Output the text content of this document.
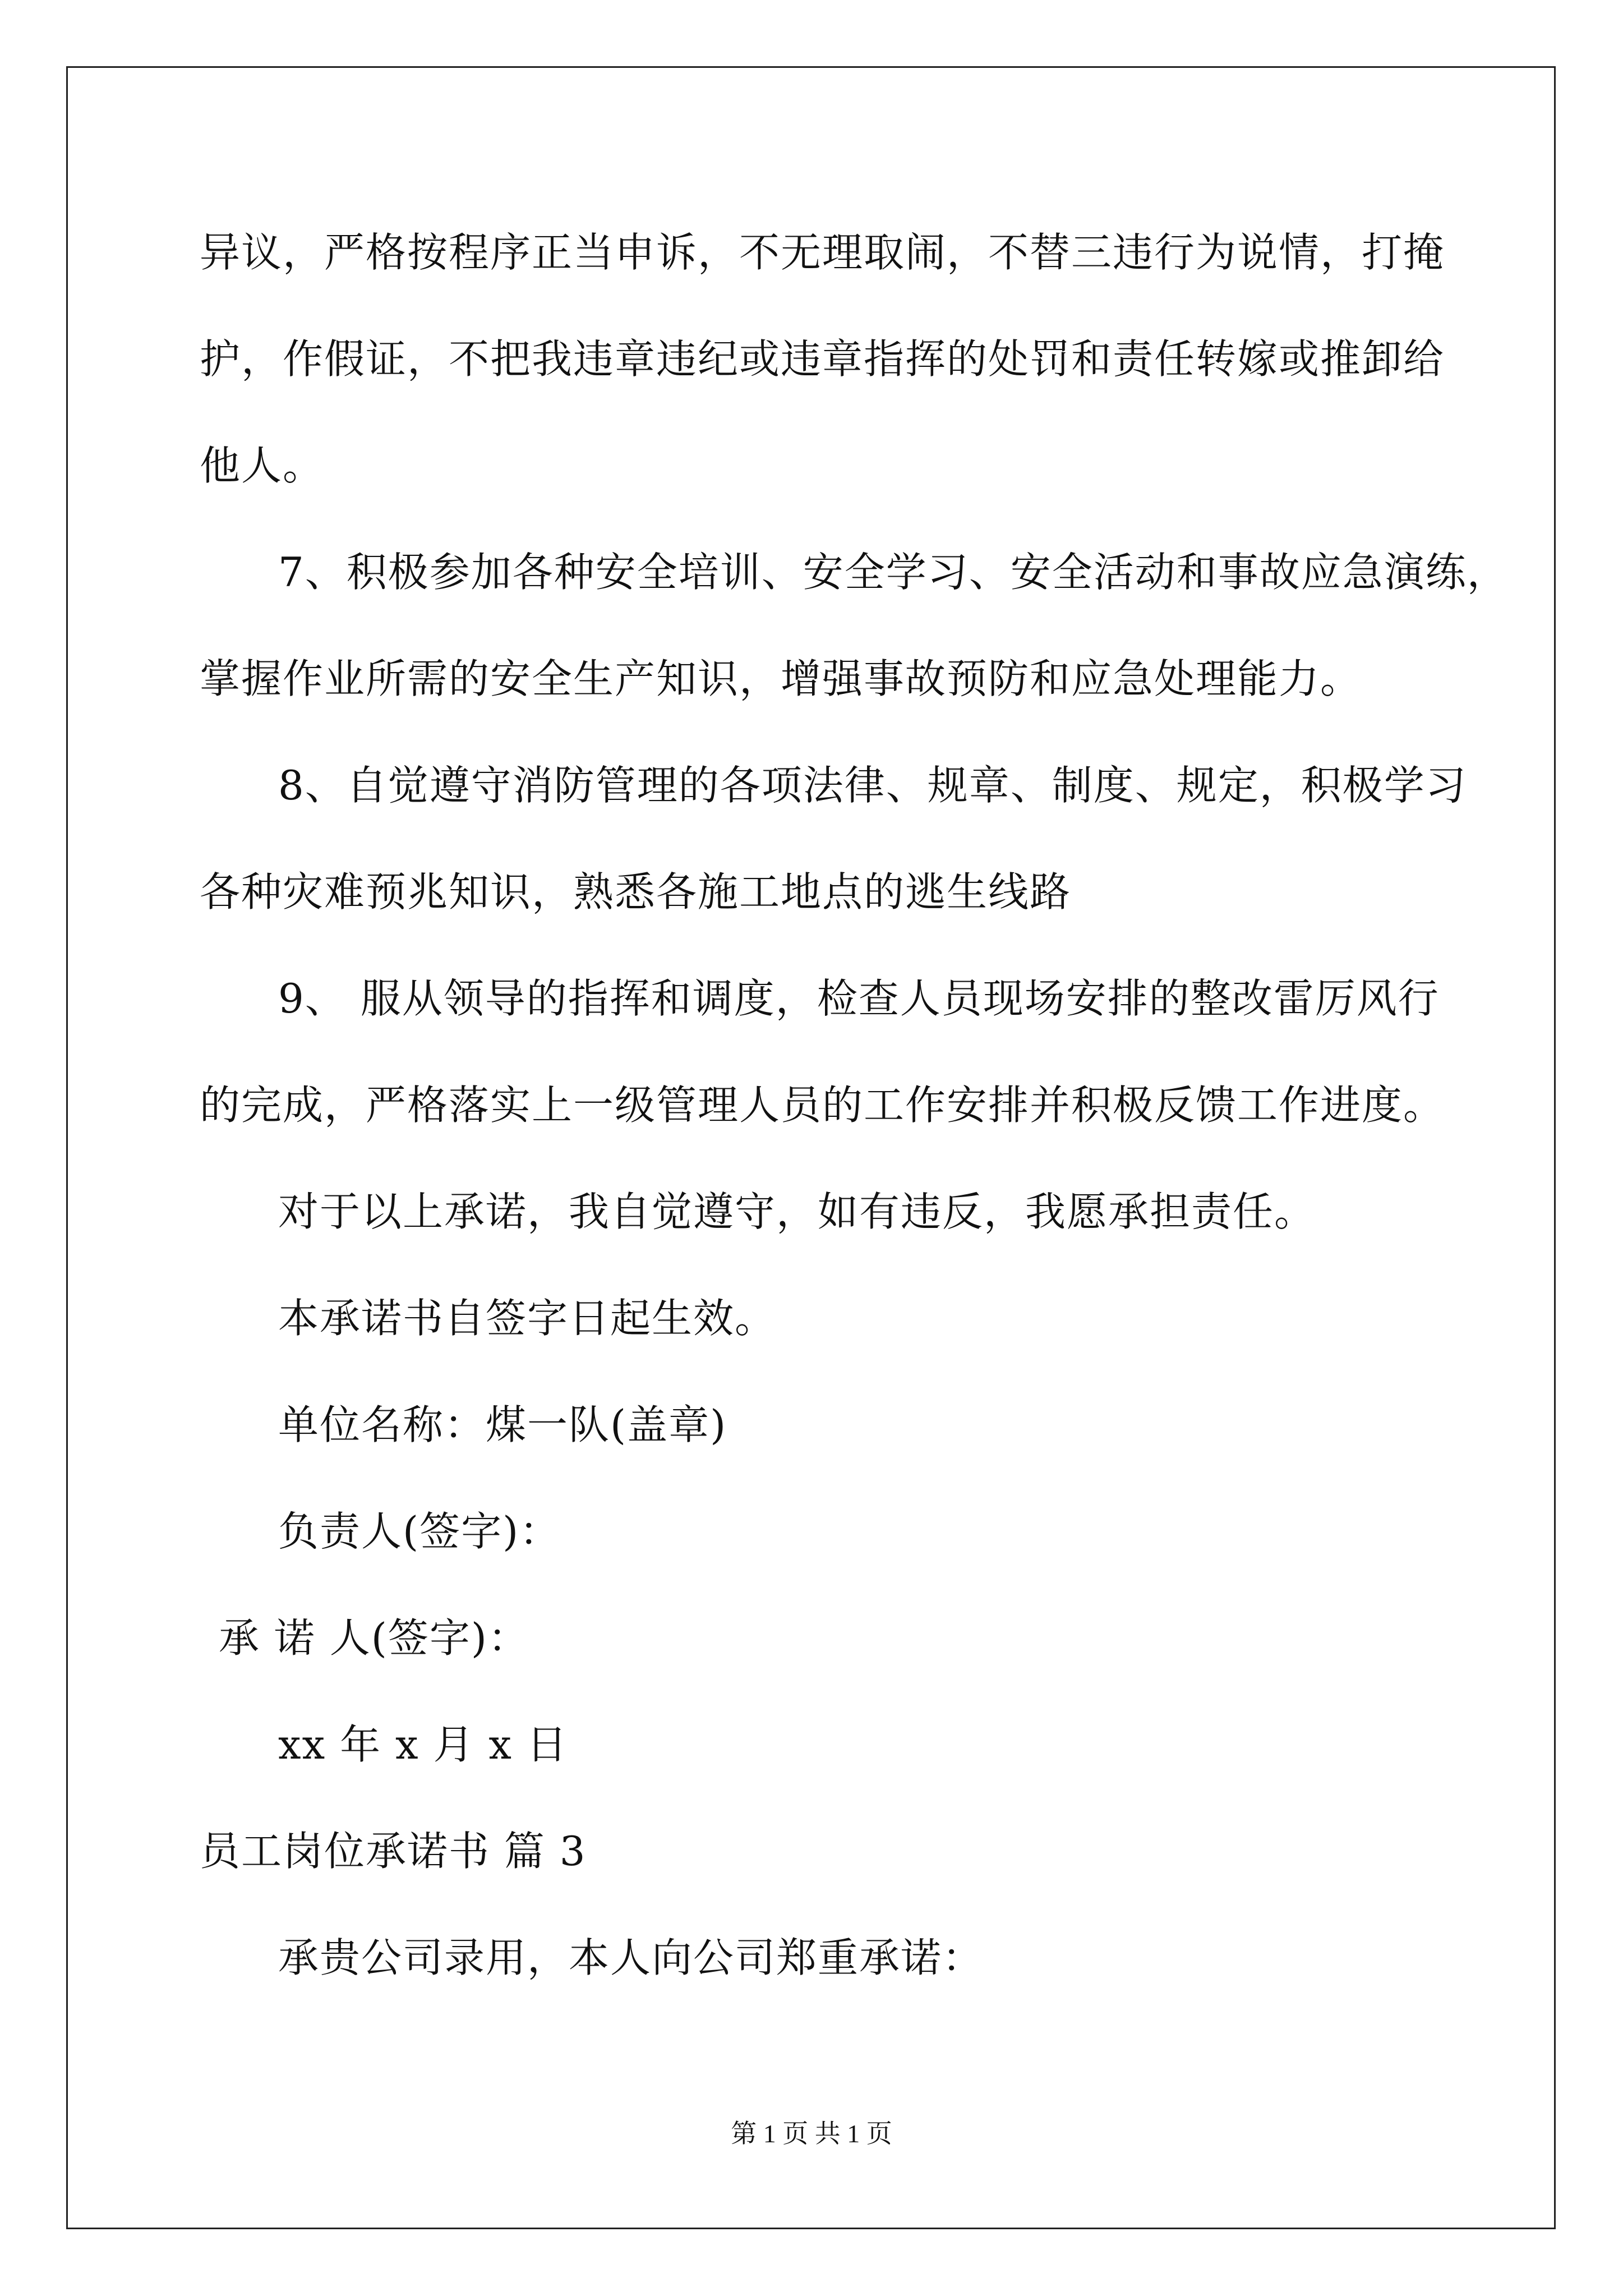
异议，严格按程序正当申诉，不无理取闹，不替三违行为说情，打掩
护，作假证，不把我违章违纪或违章指挥的处罚和责任转嫁或推卸给
他人。
7、积极参加各种安全培训、安全学习、安全活动和事故应急演练，
掌握作业所需的安全生产知识，增强事故预防和应急处理能力。
8、自觉遵守消防管理的各项法律、规章、制度、规定，积极学习
各种灾难预兆知识，熟悉各施工地点的逃生线路
9、 服从领导的指挥和调度，检查人员现场安排的整改雷厉风行
的完成，严格落实上一级管理人员的工作安排并积极反馈工作进度。
对于以上承诺，我自觉遵守，如有违反，我愿承担责任。
本承诺书自签字日起生效。
单位名称：煤一队(盖章)
负责人(签字)：
承 诺 人(签字)：
xx 年 x 月 x 日
员工岗位承诺书 篇 3
承贵公司录用，本人向公司郑重承诺：
第 1 页 共 1 页
